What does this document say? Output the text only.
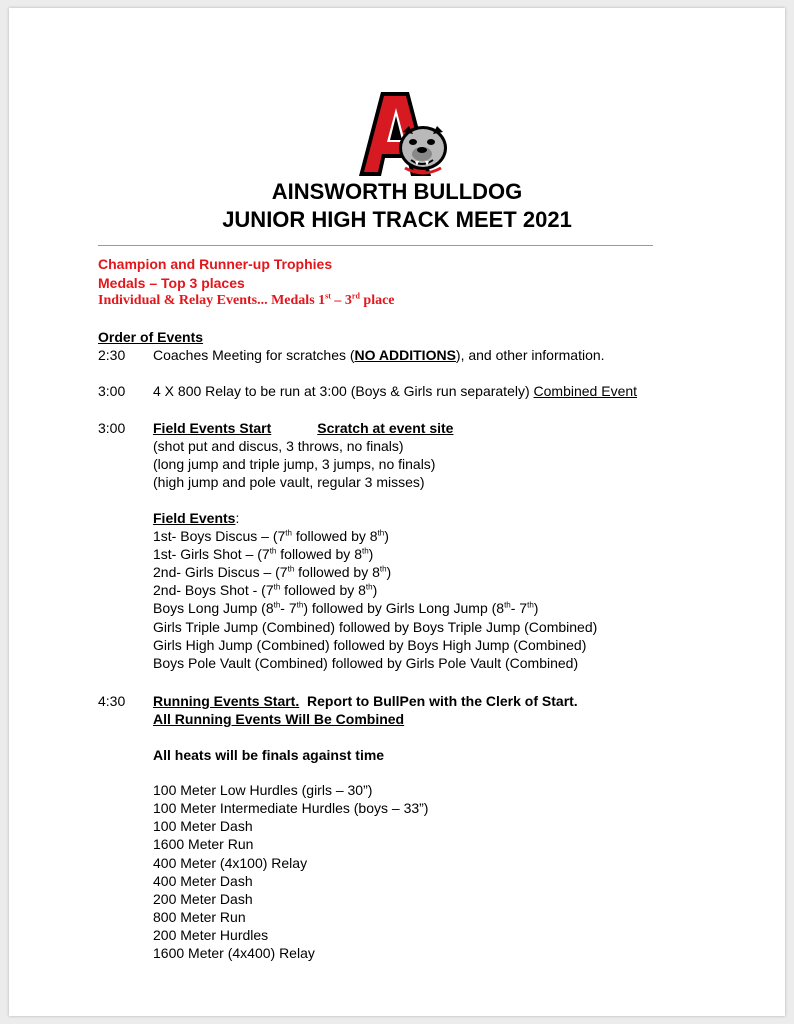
AINSWORTH BULLDOG
JUNIOR HIGH TRACK MEET 2021
Champion and Runner-up Trophies
Medals – Top 3 places
Individual & Relay Events... Medals 1st – 3rd place
Order of Events
2:30 Coaches Meeting for scratches (NO ADDITIONS), and other information.
3:00 4 X 800 Relay to be run at 3:00 (Boys & Girls run separately) Combined Event
3:00 Field Events Start	Scratch at event site
(shot put and discus, 3 throws, no finals)
(long jump and triple jump, 3 jumps, no finals)
(high jump and pole vault, regular 3 misses)
Field Events:
1st- Boys Discus – (7th followed by 8th)
1st- Girls Shot – (7th followed by 8th)
2nd- Girls Discus – (7th followed by 8th)
2nd- Boys Shot - (7th followed by 8th)
Boys Long Jump (8th- 7th) followed by Girls Long Jump (8th- 7th)
Girls Triple Jump (Combined) followed by Boys Triple Jump (Combined)
Girls High Jump (Combined) followed by Boys High Jump (Combined)
Boys Pole Vault (Combined) followed by Girls Pole Vault (Combined)
4:30 Running Events Start.  Report to BullPen with the Clerk of Start.
All Running Events Will Be Combined
All heats will be finals against time
100 Meter Low Hurdles (girls – 30”)
100 Meter Intermediate Hurdles (boys – 33”)
100 Meter Dash
1600 Meter Run
400 Meter (4x100) Relay
400 Meter Dash
200 Meter Dash
800 Meter Run
200 Meter Hurdles
1600 Meter (4x400) Relay
